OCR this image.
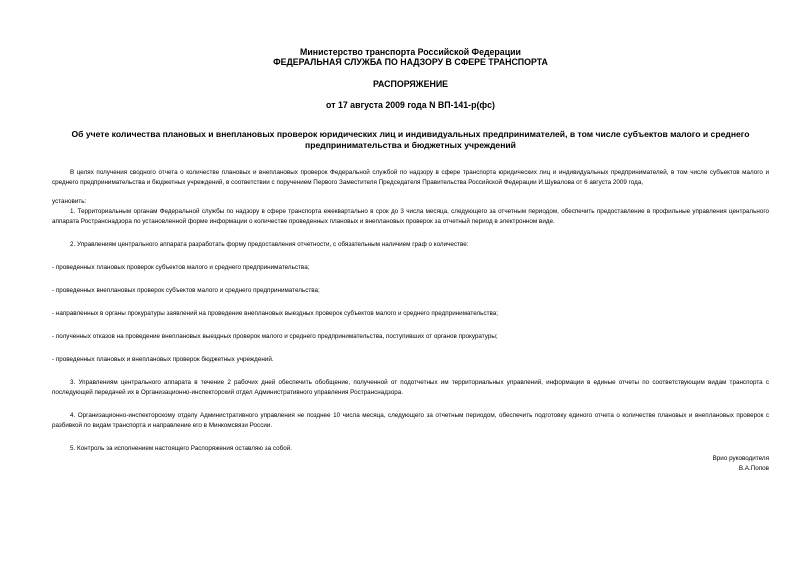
Министерство транспорта Российской Федерации
ФЕДЕРАЛЬНАЯ СЛУЖБА ПО НАДЗОРУ В СФЕРЕ ТРАНСПОРТА
РАСПОРЯЖЕНИЕ
от 17 августа 2009 года N ВП-141-р(фс)
Об учете количества плановых и внеплановых проверок юридических лиц и индивидуальных предпринимателей, в том числе субъектов малого и среднего предпринимательства и бюджетных учреждений

В целях получения сводного отчета о количестве плановых и внеплановых проверок Федеральной службой по надзору в сфере транспорта юридических лиц и индивидуальных предпринимателей, в том числе субъектов малого и среднего предпринимательства и бюджетных учреждений, в соответствии с поручением Первого Заместителя Председателя Правительства Российской Федерации И.Шувалова от 6 августа 2009 года,

установить:

1. Территориальным органам Федеральной службы по надзору в сфере транспорта ежеквартально в срок до 3 числа месяца, следующего за отчетным периодом, обеспечить предоставление в профильные управления центрального аппарата Ространснадзора по установленной форме информации о количестве проведенных плановых и внеплановых проверок за отчетный период в электронном виде.

2. Управлениям центрального аппарата разработать форму предоставления отчетности, с обязательным наличием граф о количестве:

- проведенных плановых проверок субъектов малого и среднего предпринимательства;

- проведенных внеплановых проверок субъектов малого и среднего предпринимательства;

- направленных в органы прокуратуры заявлений на проведение внеплановых выездных проверок субъектов малого и среднего предпринимательства;

- полученных отказов на проведение внеплановых выездных проверок малого и среднего предпринимательства, поступивших от органов прокуратуры;

- проведенных плановых и внеплановых проверок бюджетных учреждений.

3. Управлениям центрального аппарата в течение 2 рабочих дней обеспечить обобщение, полученной от подотчетных им территориальных управлений, информации в единые отчеты по соответствующим видам транспорта с последующей передачей их в Организационно-инспекторский отдел Административного управления Ространснадзора.

4. Организационно-инспекторскому отделу Административного управления не позднее 10 числа месяца, следующего за отчетным периодом, обеспечить подготовку единого отчета о количестве плановых и внеплановых проверок с разбивкой по видам транспорта и направление его в Минкомсвязи России.

5. Контроль за исполнением настоящего Распоряжения оставляю за собой.

Врио руководителя

В.А.Попов
